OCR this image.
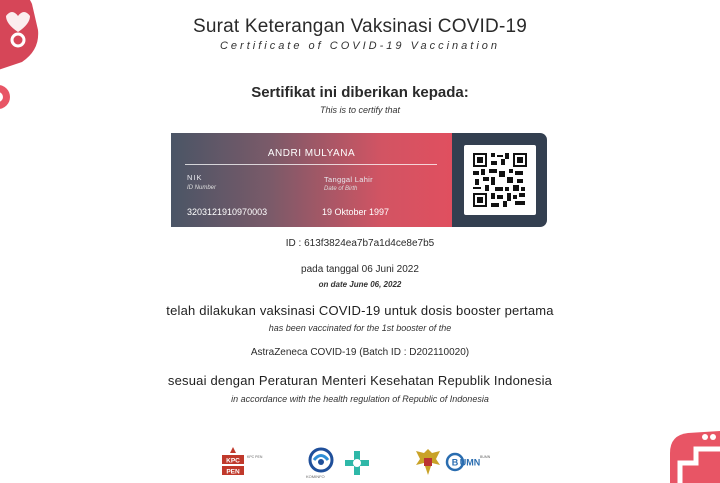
Surat Keterangan Vaksinasi COVID-19
Certificate of COVID-19 Vaccination
Sertifikat ini diberikan kepada:
This is to certify that
ANDRI MULYANA
NIK
ID Number
3203121910970003
Tanggal Lahir
Date of Birth
19 Oktober 1997
ID : 613f3824ea7b7a1d4ce8e7b5
pada tanggal 06 Juni 2022
on date June 06, 2022
telah dilakukan vaksinasi COVID-19 untuk dosis booster pertama
has been vaccinated for the 1st booster of the
AstraZeneca COVID-19 (Batch ID : D202110020)
sesuai dengan Peraturan Menteri Kesehatan Republik Indonesia
in accordance with the health regulation of Republic of Indonesia
KPC
PEN
KPC PEN
KOMINFO
B UMN
BUMN
